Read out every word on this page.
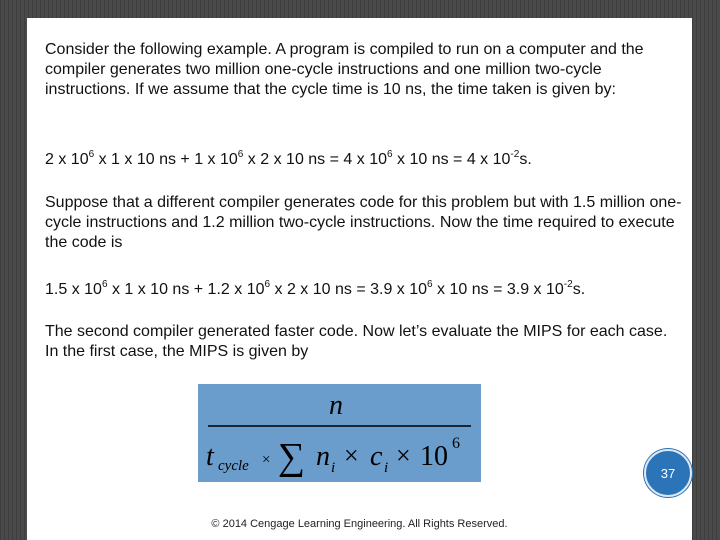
Consider the following example. A program is compiled to run on a computer and the compiler generates two million one-cycle instructions and one million two-cycle instructions. If we assume that the cycle time is 10 ns, the time taken is given by:

2 x $10^6$ x 1 x 10 ns + 1 x $10^6$ x 2 x 10 ns = 4 x $10^6$ x 10 ns = 4 x $10^{-2}s$.

Suppose that a different compiler generates code for this problem but with 1.5 million one-cycle instructions and 1.2 million two-cycle instructions. Now the time required to execute the code is

1.5 x $10^6$ x 1 x 10 ns + 1.2 x $10^6$ x 2 x 10 ns = 3.9 x $10^6$ x 10 ns = 3.9 x $10^{-2}s$.

The second compiler generated faster code. Now let’s evaluate the MIPS for each case. In the first case, the MIPS is given by

n
t cycle × ∑ n i × c i × 10 6
37
© 2014 Cengage Learning Engineering. All Rights Reserved.
